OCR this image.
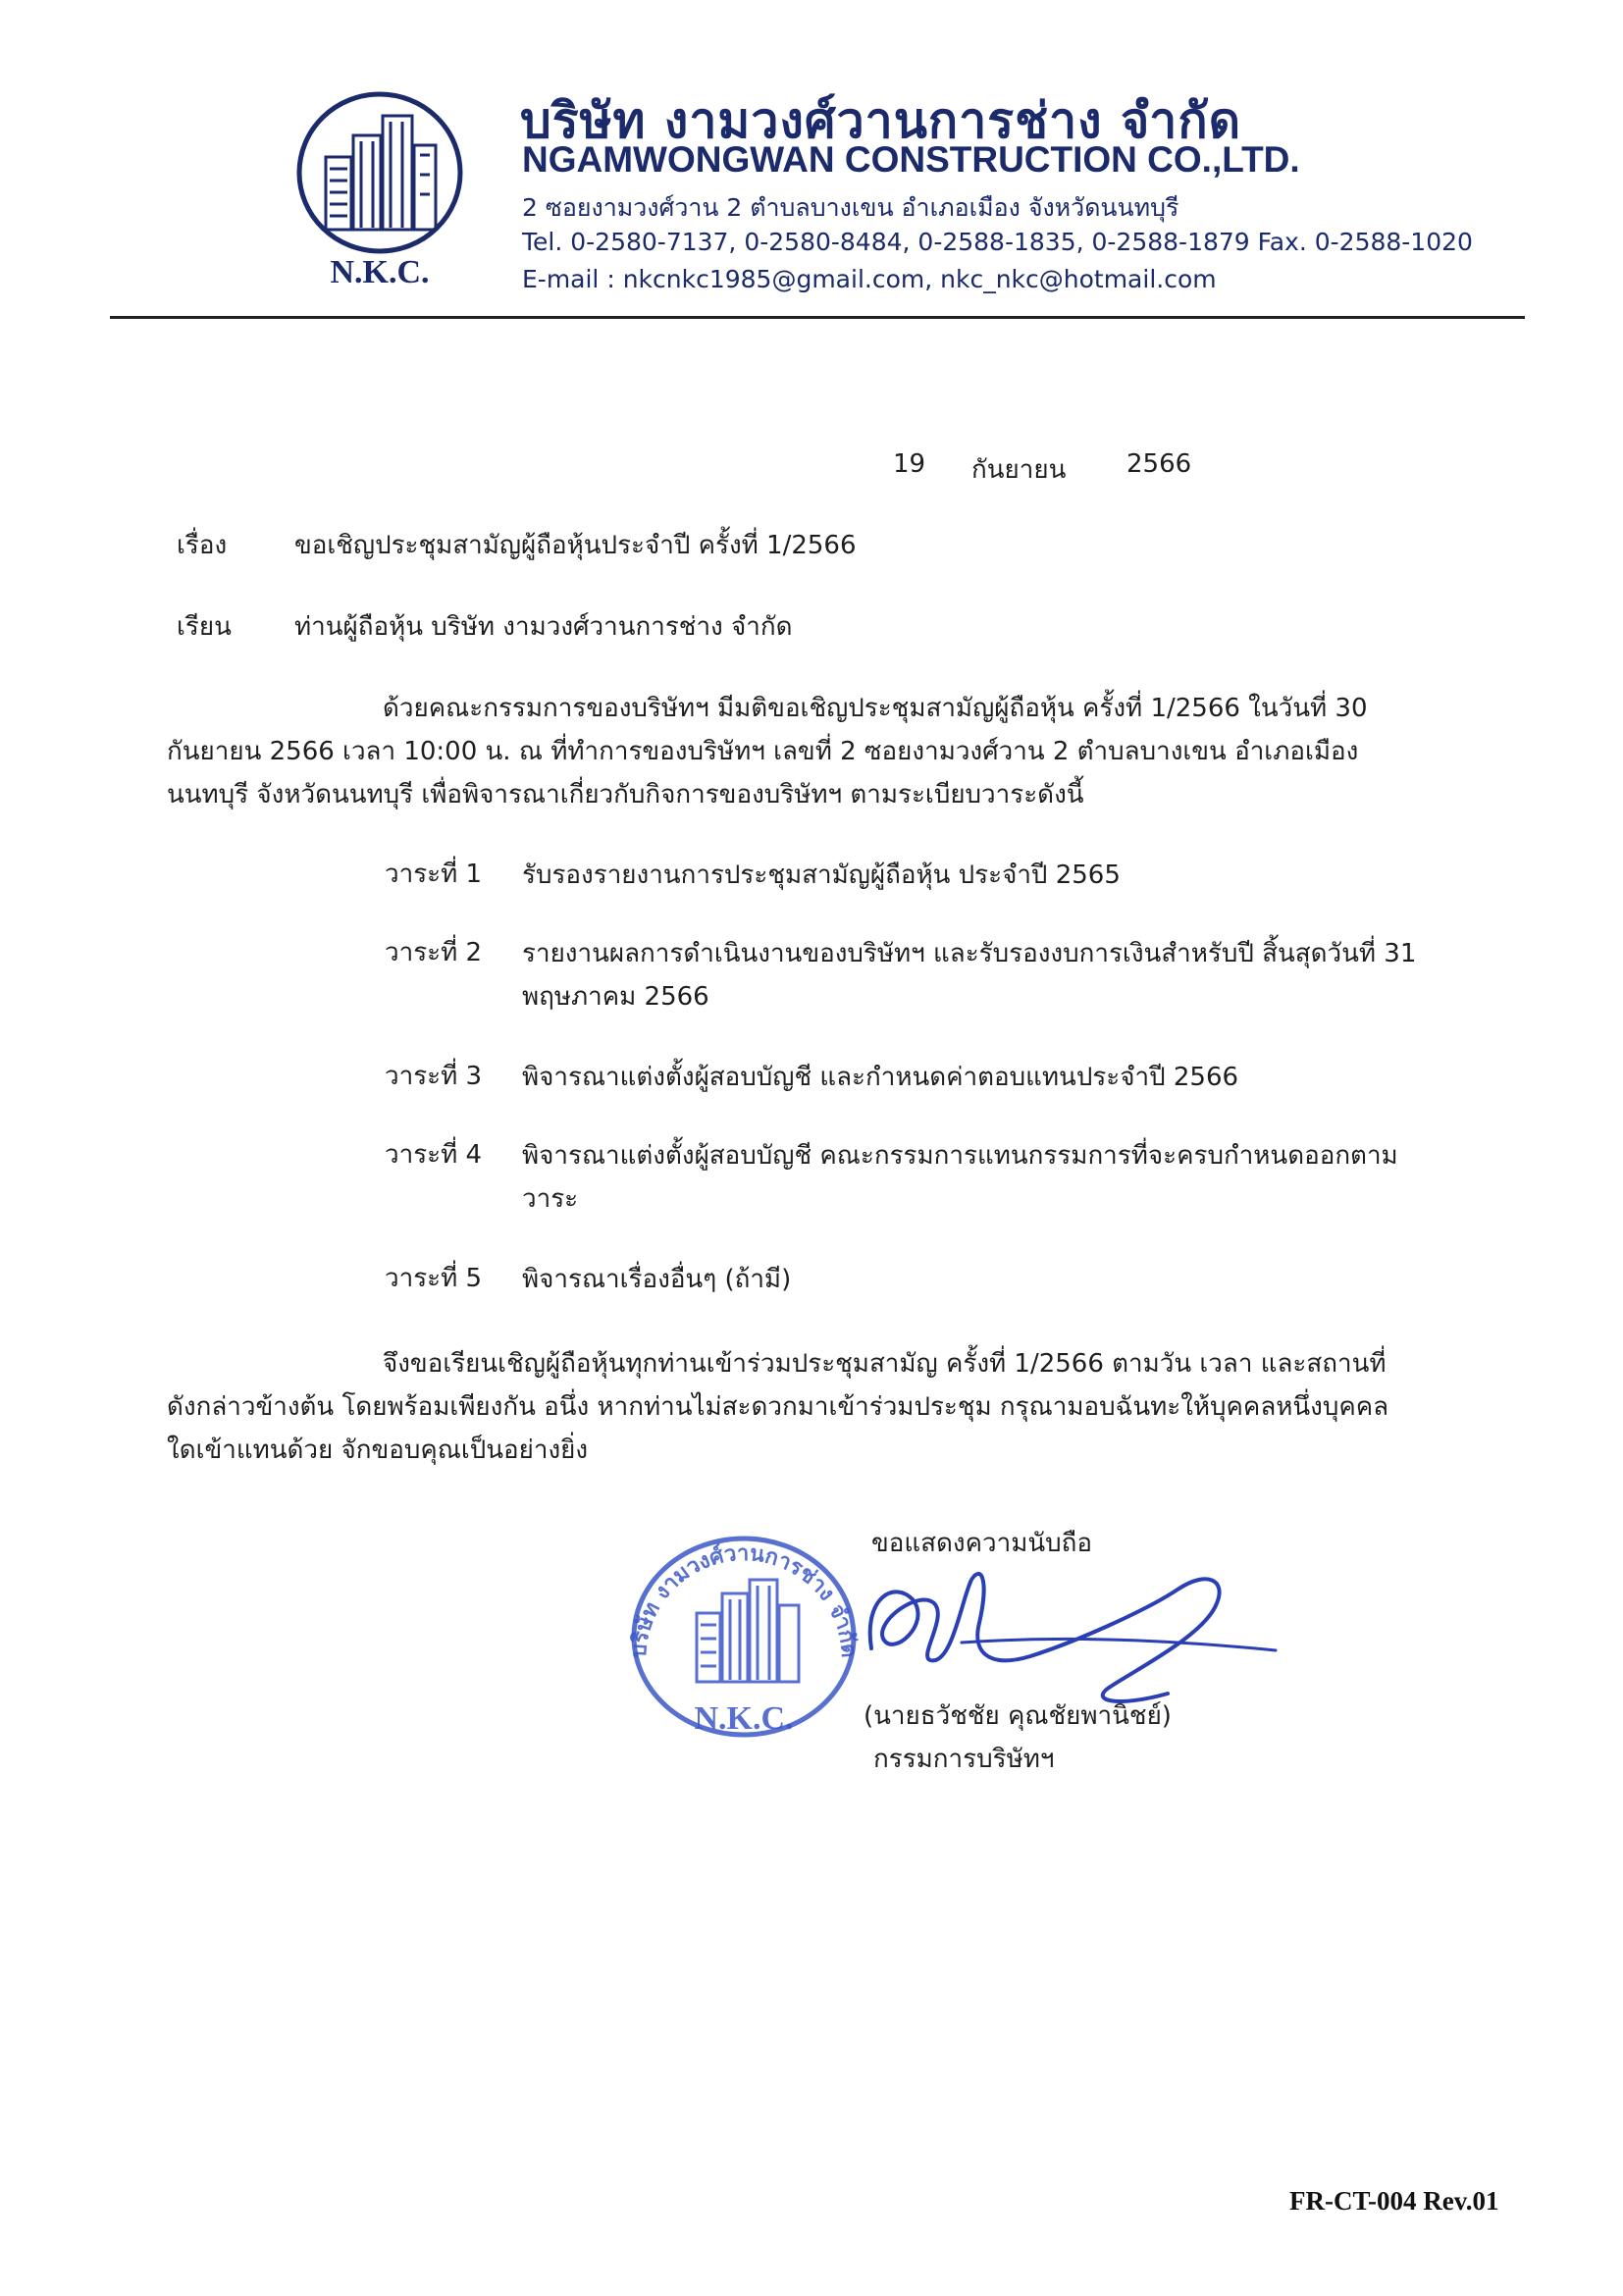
N.K.C.
บริษัท งามวงศ์วานการช่าง จำกัด
NGAMWONGWAN CONSTRUCTION CO.,LTD.
2 ซอยงามวงศ์วาน 2 ตำบลบางเขน อำเภอเมือง จังหวัดนนทบุรี
Tel. 0-2580-7137, 0-2580-8484, 0-2588-1835, 0-2588-1879 Fax. 0-2588-1020
E-mail : nkcnkc1985@gmail.com, nkc_nkc@hotmail.com
19 กันยายน 2566
เรื่อง	ขอเชิญประชุมสามัญผู้ถือหุ้นประจำปี ครั้งที่ 1/2566
เรียน ท่านผู้ถือหุ้น บริษัท งามวงศ์วานการช่าง จำกัด
ด้วยคณะกรรมการของบริษัทฯ มีมติขอเชิญประชุมสามัญผู้ถือหุ้น ครั้งที่ 1/2566 ในวันที่ 30
กันยายน 2566 เวลา 10:00 น. ณ ที่ทำการของบริษัทฯ เลขที่ 2 ซอยงามวงศ์วาน 2 ตำบลบางเขน อำเภอเมือง
นนทบุรี จังหวัดนนทบุรี เพื่อพิจารณาเกี่ยวกับกิจการของบริษัทฯ ตามระเบียบวาระดังนี้
วาระที่ 1 รับรองรายงานการประชุมสามัญผู้ถือหุ้น ประจำปี 2565
วาระที่ 2 รายงานผลการดำเนินงานของบริษัทฯ และรับรองงบการเงินสำหรับปี สิ้นสุดวันที่ 31 พฤษภาคม 2566
วาระที่ 3 พิจารณาแต่งตั้งผู้สอบบัญชี และกำหนดค่าตอบแทนประจำปี 2566
วาระที่ 4 พิจารณาแต่งตั้งผู้สอบบัญชี คณะกรรมการแทนกรรมการที่จะครบกำหนดออกตามวาระ
วาระที่ 5 พิจารณาเรื่องอื่นๆ (ถ้ามี)
จึงขอเรียนเชิญผู้ถือหุ้นทุกท่านเข้าร่วมประชุมสามัญ ครั้งที่ 1/2566 ตามวัน เวลา และสถานที่
ดังกล่าวข้างต้น โดยพร้อมเพียงกัน อนึ่ง หากท่านไม่สะดวกมาเข้าร่วมประชุม กรุณามอบฉันทะให้บุคคลหนึ่งบุคคล
ใดเข้าแทนด้วย จักขอบคุณเป็นอย่างยิ่ง
บริษัท งามวงศ์วานการช่าง จำกัด
N.K.C.
ขอแสดงความนับถือ
(นายธวัชชัย คุณชัยพานิชย์)
กรรมการบริษัทฯ
FR-CT-004 Rev.01
